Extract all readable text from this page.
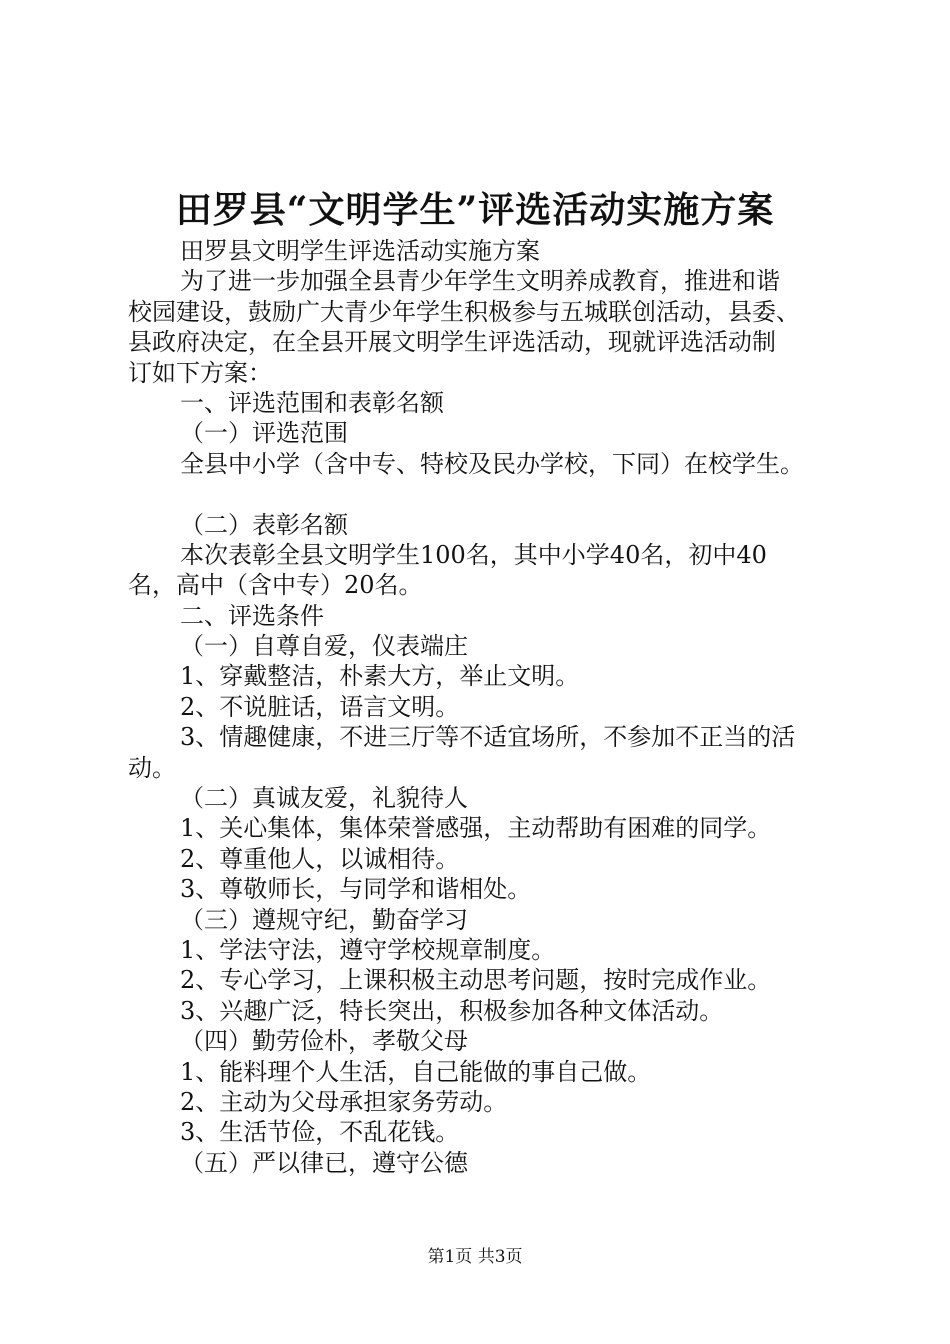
田罗县“文明学生”评选活动实施方案
田罗县文明学生评选活动实施方案
为了进一步加强全县青少年学生文明养成教育，推进和谐
校园建设，鼓励广大青少年学生积极参与五城联创活动，县委、
县政府决定，在全县开展文明学生评选活动，现就评选活动制
订如下方案：
一、评选范围和表彰名额
（一）评选范围
全县中小学（含中专、特校及民办学校，下同）在校学生。
（二）表彰名额
本次表彰全县文明学生100名，其中小学40名，初中40
名，高中（含中专）20名。
二、评选条件
（一）自尊自爱，仪表端庄
1、穿戴整洁，朴素大方，举止文明。
2、不说脏话，语言文明。
3、情趣健康，不进三厅等不适宜场所，不参加不正当的活
动。
（二）真诚友爱，礼貌待人
1、关心集体，集体荣誉感强，主动帮助有困难的同学。
2、尊重他人，以诚相待。
3、尊敬师长，与同学和谐相处。
（三）遵规守纪，勤奋学习
1、学法守法，遵守学校规章制度。
2、专心学习，上课积极主动思考问题，按时完成作业。
3、兴趣广泛，特长突出，积极参加各种文体活动。
（四）勤劳俭朴，孝敬父母
1、能料理个人生活，自己能做的事自己做。
2、主动为父母承担家务劳动。
3、生活节俭，不乱花钱。
（五）严以律已，遵守公德
第1页 共3页
